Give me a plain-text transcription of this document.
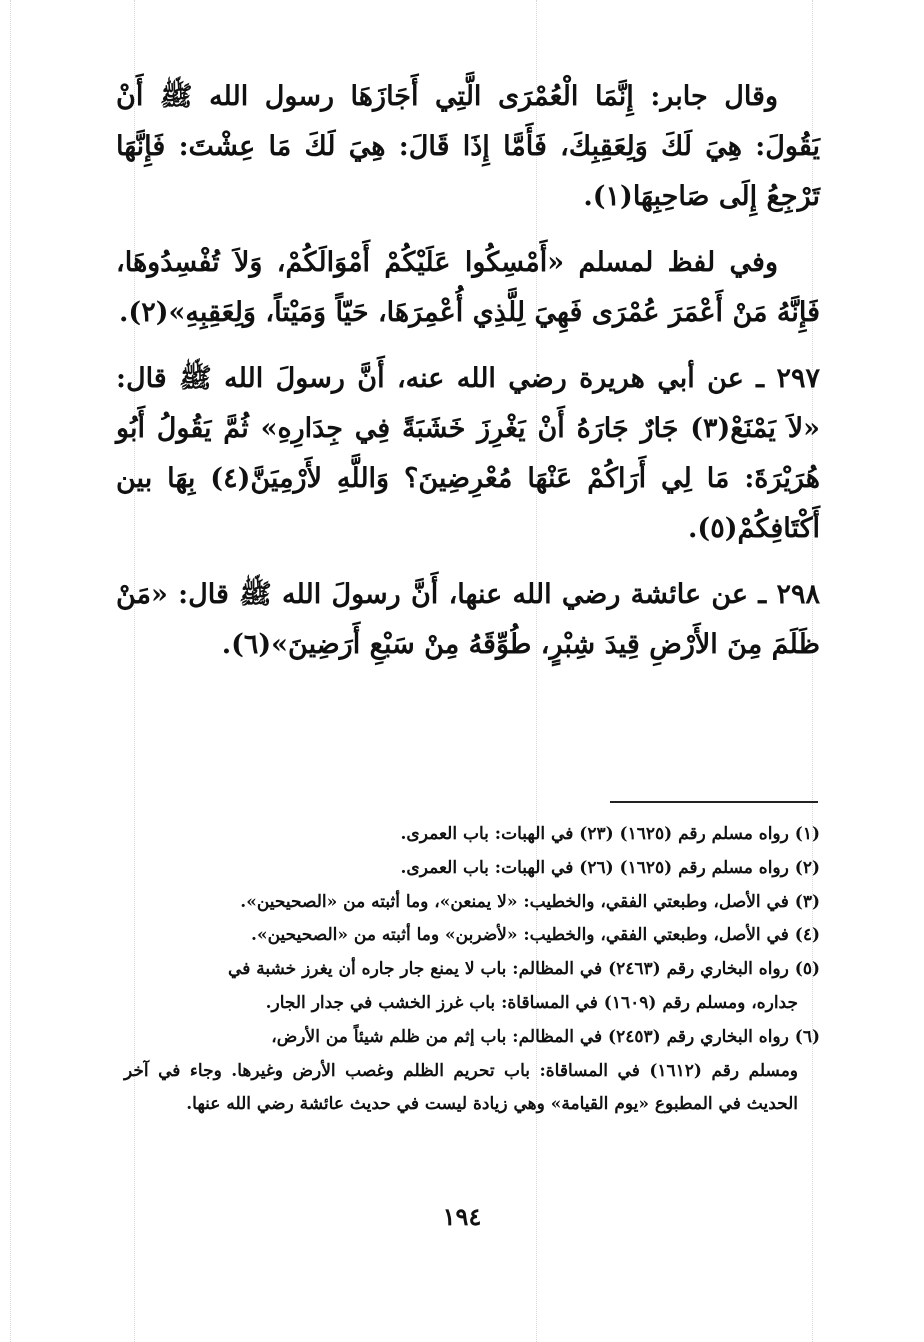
وقال جابر: إِنَّمَا الْعُمْرَى الَّتِي أَجَازَهَا رسول الله ﷺ أَنْ يَقُولَ: هِيَ لَكَ وَلِعَقِبِكَ، فَأَمَّا إِذَا قَالَ: هِيَ لَكَ مَا عِشْتَ: فَإِنَّهَا تَرْجِعُ إِلَى صَاحِبِهَا(١).

وفي لفظ لمسلم «أَمْسِكُوا عَلَيْكُمْ أَمْوَالَكُمْ، وَلاَ تُفْسِدُوهَا، فَإِنَّهُ مَنْ أَعْمَرَ عُمْرَى فَهِيَ لِلَّذِي أُعْمِرَهَا، حَيّاً وَمَيْتاً، وَلِعَقِبِهِ»(٢).

٢٩٧ ـ عن أبي هريرة رضي الله عنه، أَنَّ رسولَ الله ﷺ قال: «لاَ يَمْنَعْ(٣) جَارٌ جَارَهُ أَنْ يَغْرِزَ خَشَبَةً فِي جِدَارِهِ» ثُمَّ يَقُولُ أَبُو هُرَيْرَةَ: مَا لِي أَرَاكُمْ عَنْهَا مُعْرِضِينَ؟ وَاللَّهِ لأَرْمِيَنَّ(٤) بِهَا بين أَكْتَافِكُمْ(٥).

٢٩٨ ـ عن عائشة رضي الله عنها، أَنَّ رسولَ الله ﷺ قال: «مَنْ ظَلَمَ مِنَ الأَرْضِ قِيدَ شِبْرٍ، طُوِّقَهُ مِنْ سَبْعِ أَرَضِينَ»(٦).

(١) رواه مسلم رقم (١٦٢٥) (٢٣) في الهبات: باب العمرى.

(٢) رواه مسلم رقم (١٦٢٥) (٢٦) في الهبات: باب العمرى.

(٣) في الأصل، وطبعتي الفقي، والخطيب: «لا يمنعن»، وما أثبته من «الصحيحين».

(٤) في الأصل، وطبعتي الفقي، والخطيب: «لأضربن» وما أثبته من «الصحيحين».

(٥) رواه البخاري رقم (٢٤٦٣) في المظالم: باب لا يمنع جار جاره أن يغرز خشبة في
جداره، ومسلم رقم (١٦٠٩) في المساقاة: باب غرز الخشب في جدار الجار.

(٦) رواه البخاري رقم (٢٤٥٣) في المظالم: باب إثم من ظلم شيئاً من الأرض،
ومسلم رقم (١٦١٢) في المساقاة: باب تحريم الظلم وغصب الأرض وغيرها. وجاء في آخر الحديث في المطبوع «يوم القيامة» وهي زيادة ليست في حديث عائشة رضي الله عنها.

١٩٤
